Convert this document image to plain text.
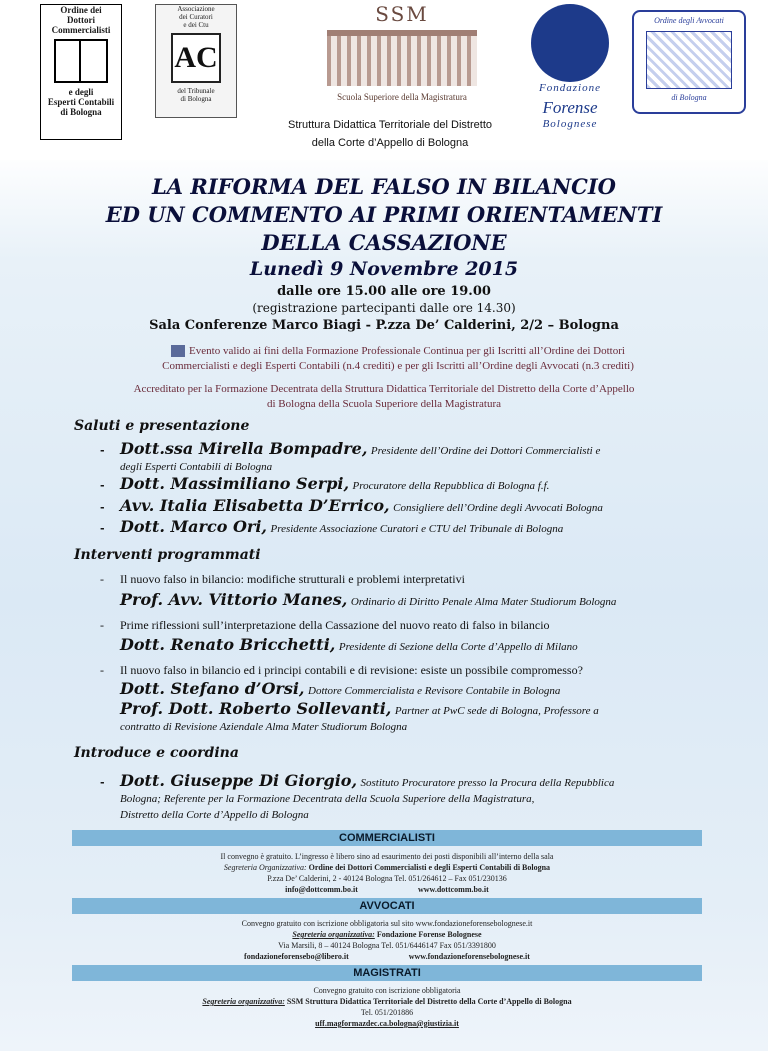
Ordine dei
Dottori
Commercialisti
e degli
Esperti Contabili
di Bologna
Associazione
dei Curatori
e dei Ctu
AC
del Tribunale
di Bologna
SSM
Scuola Superiore della Magistratura
Fondazione
Forense
Bolognese
Ordine degli Avvocati
di Bologna
Struttura Didattica Territoriale del Distretto
della Corte d’Appello di Bologna
LA RIFORMA DEL FALSO IN BILANCIO
ED UN COMMENTO AI PRIMI ORIENTAMENTI
DELLA CASSAZIONE
Lunedì 9 Novembre 2015
dalle ore 15.00 alle ore 19.00
(registrazione partecipanti dalle ore 14.30)
Sala Conferenze Marco Biagi - P.zza De’ Calderini, 2/2 – Bologna
Evento valido ai fini della Formazione Professionale Continua per gli Iscritti all’Ordine dei Dottori
Commercialisti e degli Esperti Contabili (n.4 crediti) e per gli Iscritti all’Ordine degli Avvocati (n.3 crediti)
Accreditato per la Formazione Decentrata della Struttura Didattica Territoriale del Distretto della Corte d’Appello
di Bologna della Scuola Superiore della Magistratura
Saluti e presentazione
- Dott.ssa Mirella Bompadre, Presidente dell’Ordine dei Dottori Commercialisti e
degli Esperti Contabili di Bologna
- Dott. Massimiliano Serpi, Procuratore della Repubblica di Bologna f.f.
- Avv. Italia Elisabetta D’Errico, Consigliere dell’Ordine degli Avvocati Bologna
- Dott. Marco Ori, Presidente Associazione Curatori e CTU del Tribunale di Bologna
Interventi programmati
- Il nuovo falso in bilancio: modifiche strutturali e problemi interpretativi
Prof. Avv. Vittorio Manes, Ordinario di Diritto Penale Alma Mater Studiorum Bologna
- Prime riflessioni sull’interpretazione della Cassazione del nuovo reato di falso in bilancio
Dott. Renato Bricchetti, Presidente di Sezione della Corte d’Appello di Milano
- Il nuovo falso in bilancio ed i principi contabili e di revisione: esiste un possibile compromesso?
Dott. Stefano d’Orsi, Dottore Commercialista e Revisore Contabile in Bologna
Prof. Dott. Roberto Sollevanti, Partner at PwC sede di Bologna, Professore a
contratto di Revisione Aziendale Alma Mater Studiorum Bologna
Introduce e coordina
- Dott. Giuseppe Di Giorgio, Sostituto Procuratore presso la Procura della Repubblica
Bologna; Referente per la Formazione Decentrata della Scuola Superiore della Magistratura,
Distretto della Corte d’Appello di Bologna
COMMERCIALISTI
Il convegno è gratuito. L’ingresso è libero sino ad esaurimento dei posti disponibili all’interno della sala
Segreteria Organizzativa: Ordine dei Dottori Commercialisti e degli Esperti Contabili di Bologna
P.zza De’ Calderini, 2 - 40124 Bologna Tel. 051/264612 – Fax 051/230136
info@dottcomm.bo.it	www.dottcomm.bo.it
AVVOCATI
Convegno gratuito con iscrizione obbligatoria sul sito www.fondazioneforensebolognese.it
Segreteria organizzativa: Fondazione Forense Bolognese
Via Marsili, 8 – 40124 Bologna Tel. 051/6446147 Fax 051/3391800
fondazioneforensebo@libero.it	www.fondazioneforensebolognese.it
MAGISTRATI
Convegno gratuito con iscrizione obbligatoria
Segreteria organizzativa: SSM Struttura Didattica Territoriale del Distretto della Corte d’Appello di Bologna
Tel. 051/201886
uff.magformazdec.ca.bologna@giustizia.it
